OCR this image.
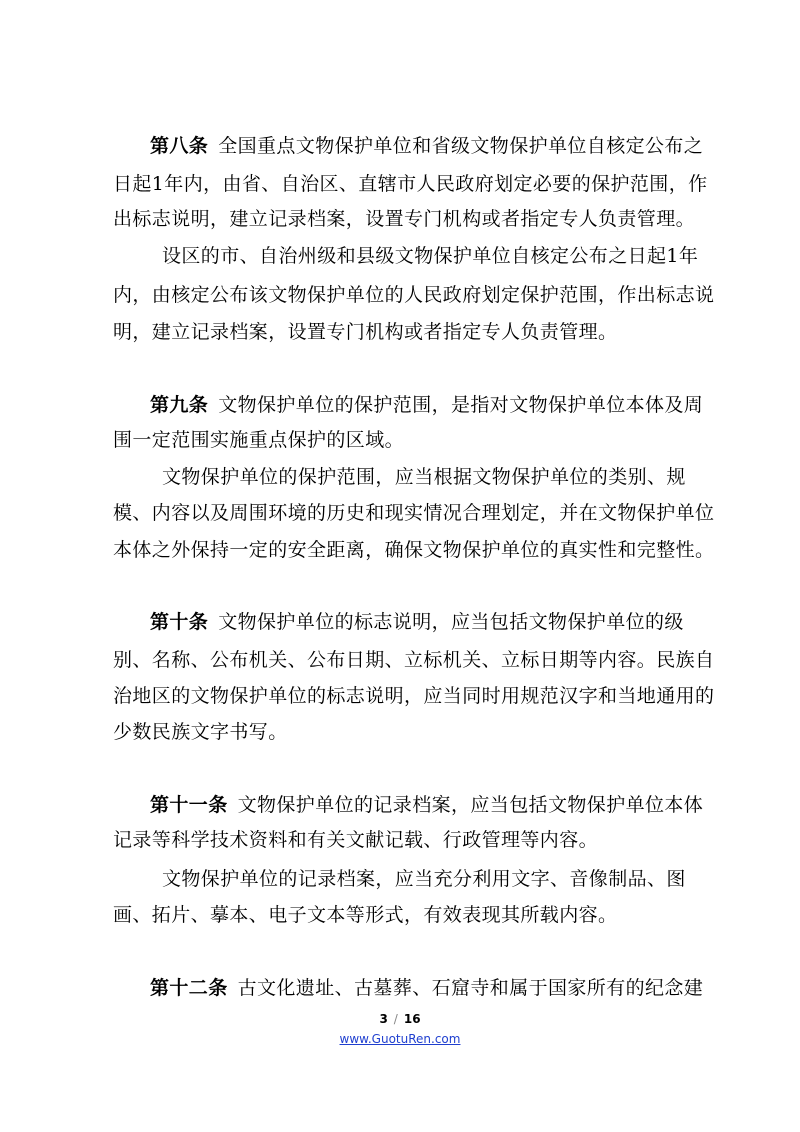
第八条 全国重点文物保护单位和省级文物保护单位自核定公布之
日起1年内，由省、自治区、直辖市人民政府划定必要的保护范围，作
出标志说明，建立记录档案，设置专门机构或者指定专人负责管理。
设区的市、自治州级和县级文物保护单位自核定公布之日起1年
内，由核定公布该文物保护单位的人民政府划定保护范围，作出标志说
明，建立记录档案，设置专门机构或者指定专人负责管理。
第九条 文物保护单位的保护范围，是指对文物保护单位本体及周
围一定范围实施重点保护的区域。
文物保护单位的保护范围，应当根据文物保护单位的类别、规
模、内容以及周围环境的历史和现实情况合理划定，并在文物保护单位
本体之外保持一定的安全距离，确保文物保护单位的真实性和完整性。
第十条 文物保护单位的标志说明，应当包括文物保护单位的级
别、名称、公布机关、公布日期、立标机关、立标日期等内容。民族自
治地区的文物保护单位的标志说明，应当同时用规范汉字和当地通用的
少数民族文字书写。
第十一条 文物保护单位的记录档案，应当包括文物保护单位本体
记录等科学技术资料和有关文献记载、行政管理等内容。
文物保护单位的记录档案，应当充分利用文字、音像制品、图
画、拓片、摹本、电子文本等形式，有效表现其所载内容。
第十二条 古文化遗址、古墓葬、石窟寺和属于国家所有的纪念建
3 / 16
www.GuotuRen.com
